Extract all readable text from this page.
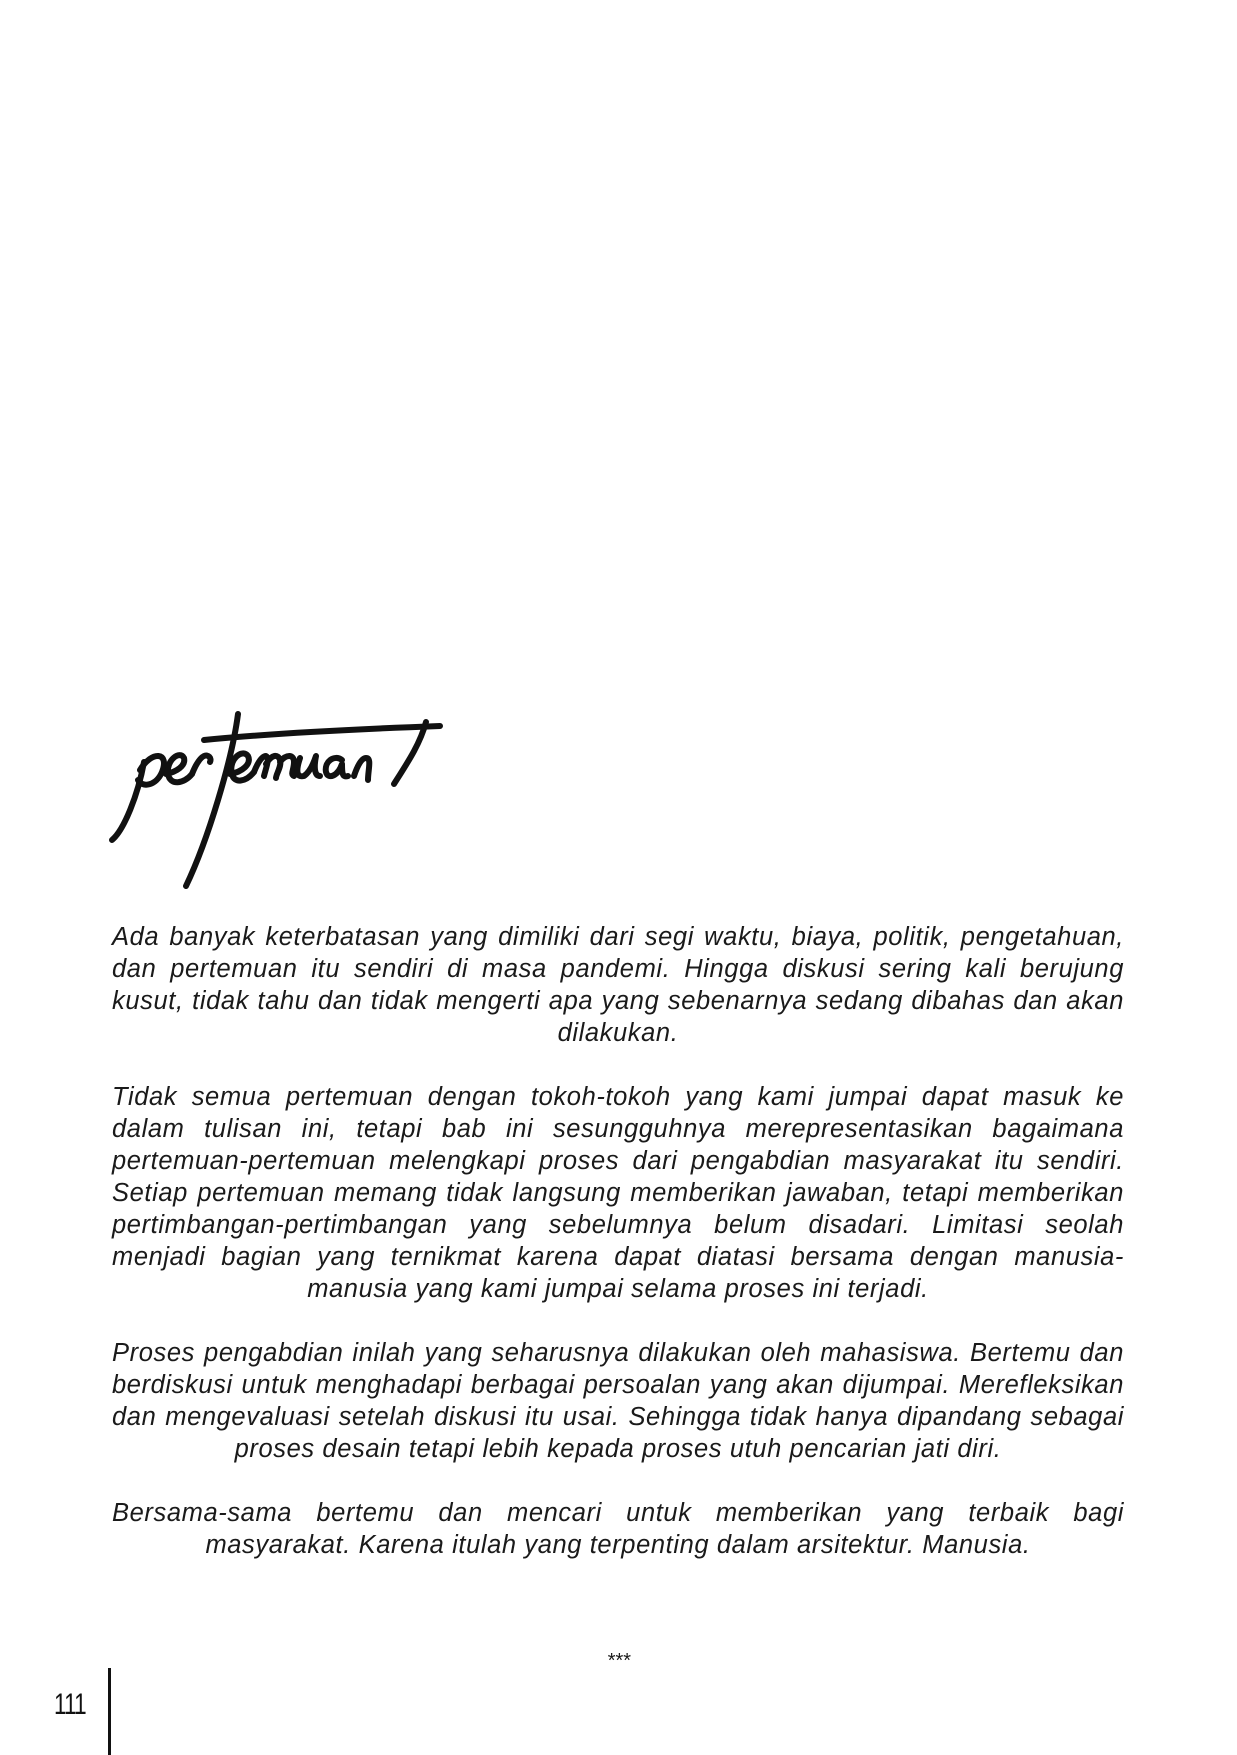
Ada banyak keterbatasan yang dimiliki dari segi waktu, biaya, politik, pengetahuan, dan pertemuan itu sendiri di masa pandemi. Hingga diskusi sering kali berujung kusut, tidak tahu dan tidak mengerti apa yang sebenarnya sedang dibahas dan akan dilakukan.

Tidak semua pertemuan dengan tokoh-tokoh yang kami jumpai dapat masuk ke dalam tulisan ini, tetapi bab ini sesungguhnya merepresentasikan bagaimana pertemuan-pertemuan melengkapi proses dari pengabdian masyarakat itu sendiri. Setiap pertemuan memang tidak langsung memberikan jawaban, tetapi memberikan pertimbangan-pertimbangan yang sebelumnya belum disadari. Limitasi seolah menjadi bagian yang ternikmat karena dapat diatasi bersama dengan manusia-manusia yang kami jumpai selama proses ini terjadi.

Proses pengabdian inilah yang seharusnya dilakukan oleh mahasiswa. Bertemu dan berdiskusi untuk menghadapi berbagai persoalan yang akan dijumpai. Merefleksikan dan mengevaluasi setelah diskusi itu usai. Sehingga tidak hanya dipandang sebagai proses desain tetapi lebih kepada proses utuh pencarian jati diri.

Bersama-sama bertemu dan mencari untuk memberikan yang terbaik bagi masyarakat. Karena itulah yang terpenting dalam arsitektur. Manusia.

***
111
